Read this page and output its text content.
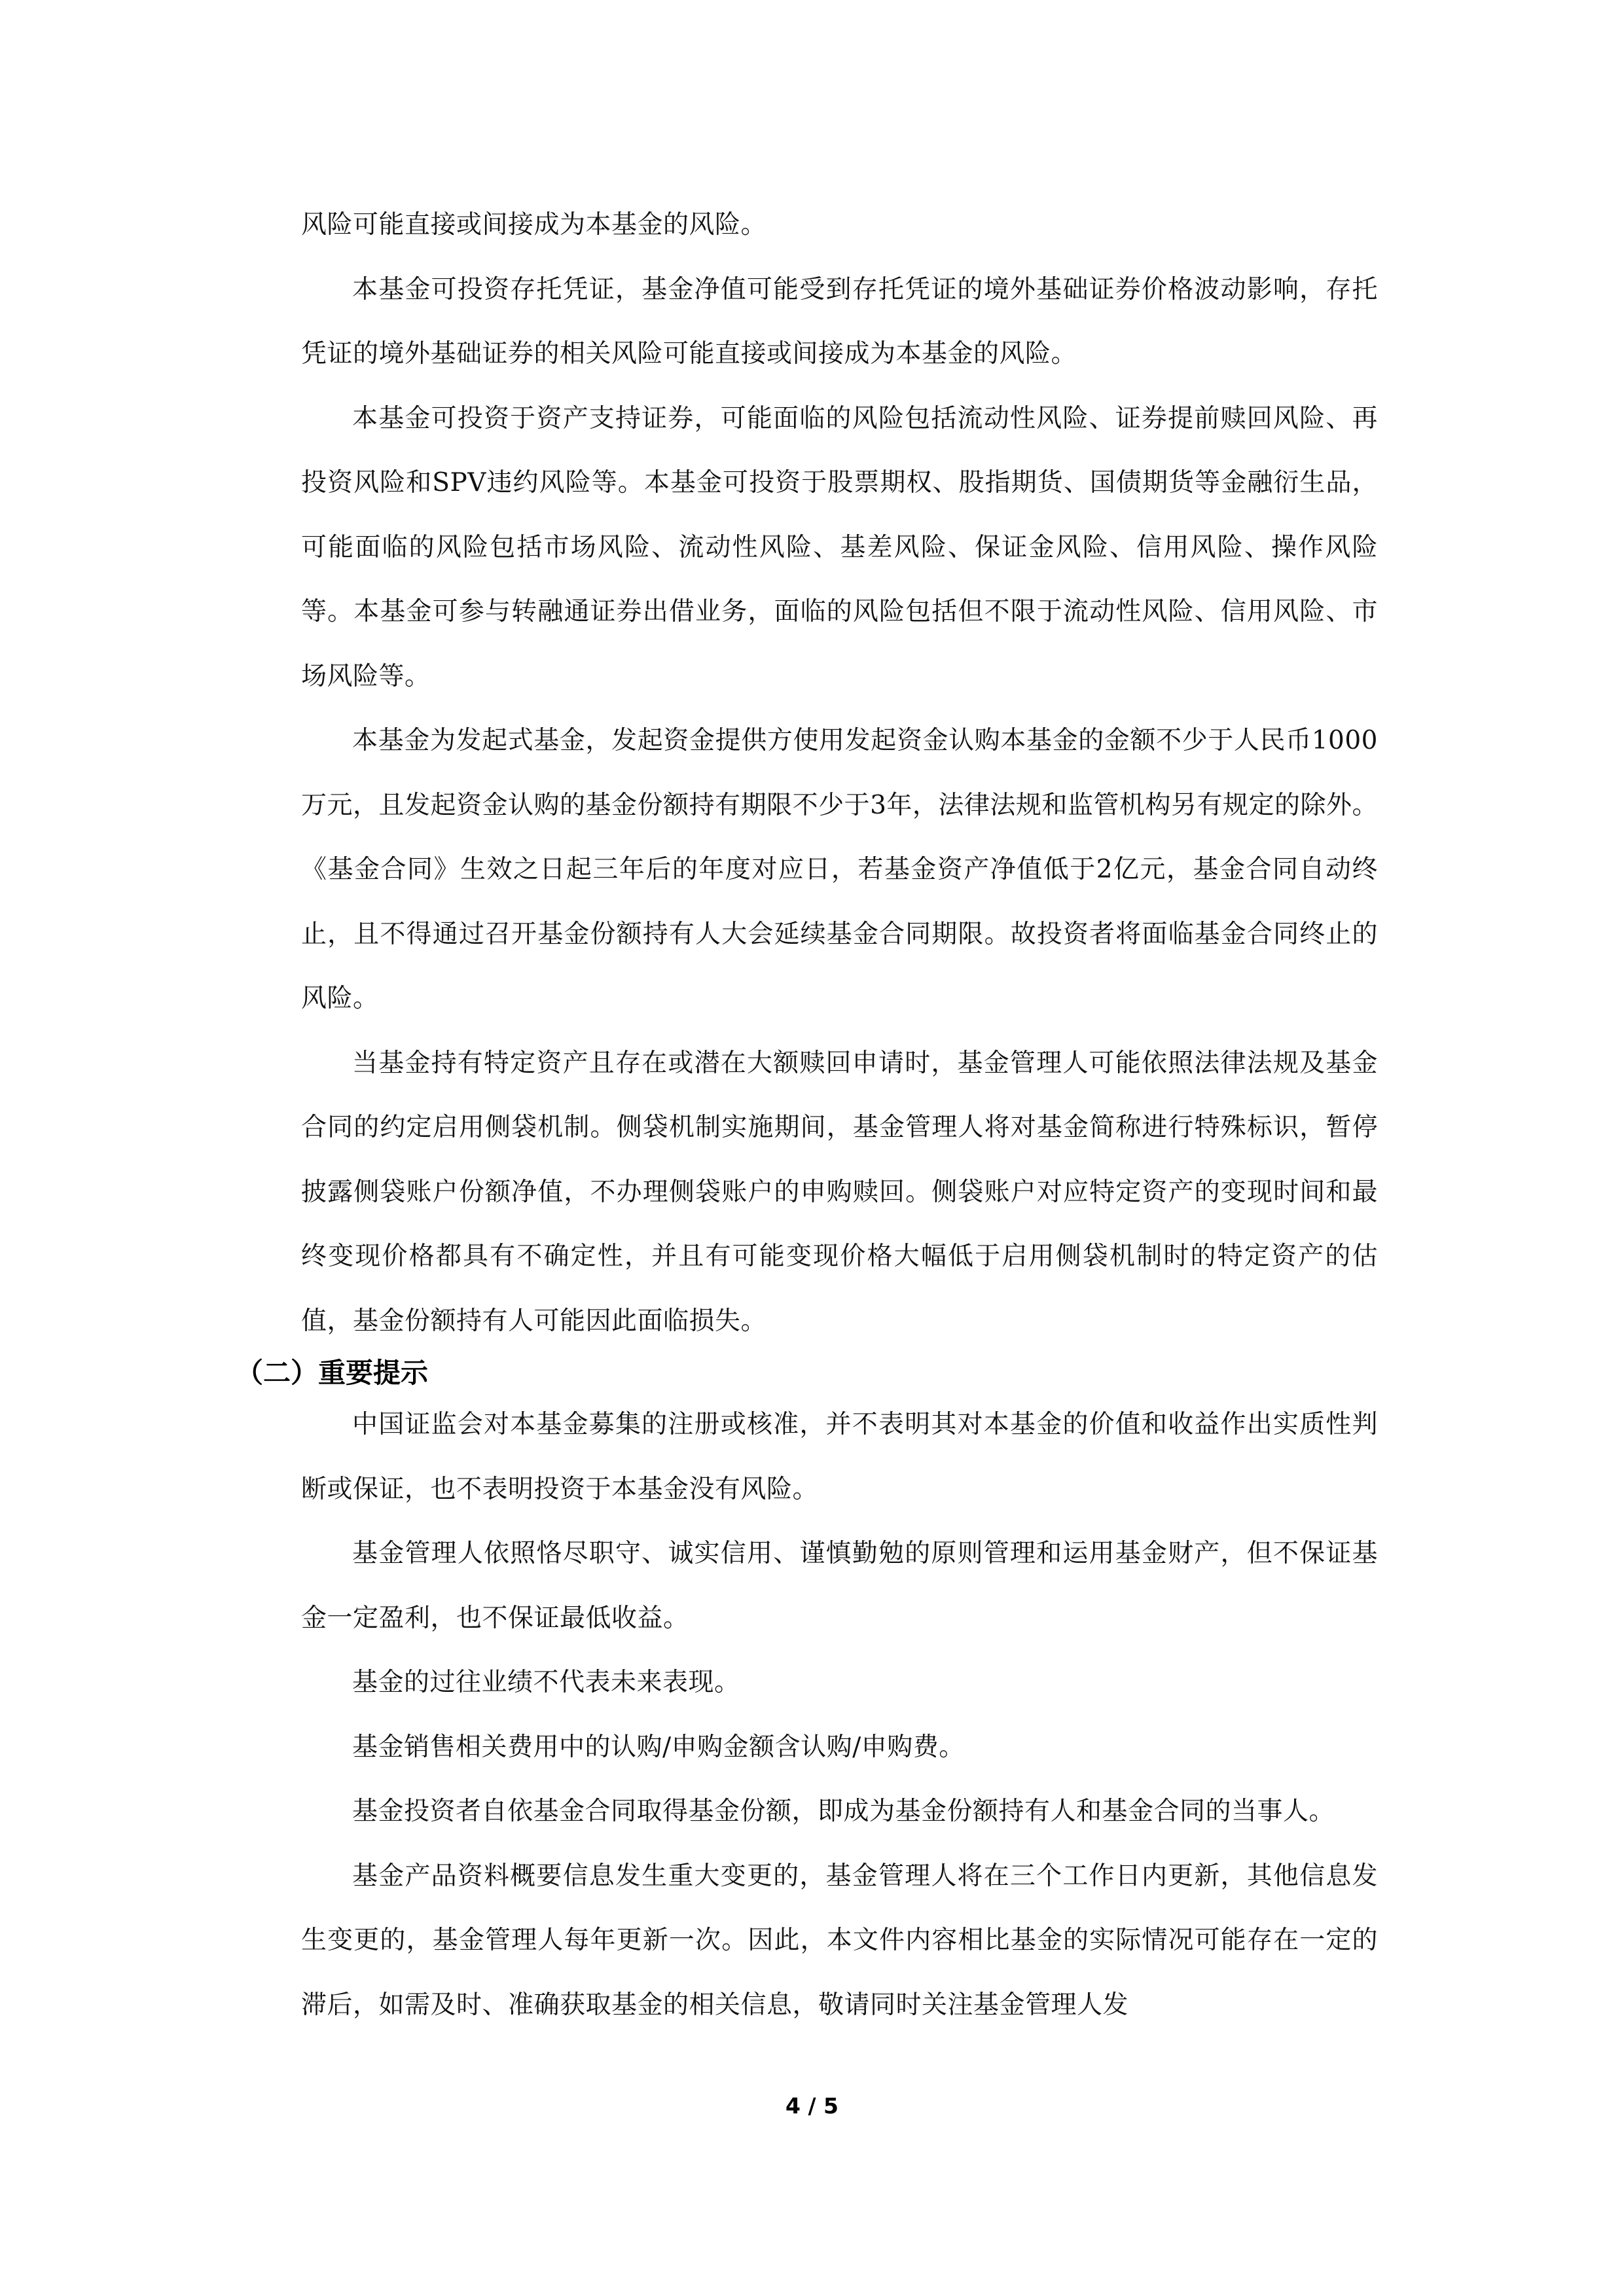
风险可能直接或间接成为本基金的风险。

本基金可投资存托凭证，基金净值可能受到存托凭证的境外基础证券价格波动影响，存托凭证的境外基础证券的相关风险可能直接或间接成为本基金的风险。

本基金可投资于资产支持证券，可能面临的风险包括流动性风险、证券提前赎回风险、再投资风险和SPV违约风险等。本基金可投资于股票期权、股指期货、国债期货等金融衍生品，可能面临的风险包括市场风险、流动性风险、基差风险、保证金风险、信用风险、操作风险等。本基金可参与转融通证券出借业务，面临的风险包括但不限于流动性风险、信用风险、市场风险等。

本基金为发起式基金，发起资金提供方使用发起资金认购本基金的金额不少于人民币1000万元，且发起资金认购的基金份额持有期限不少于3年，法律法规和监管机构另有规定的除外。《基金合同》生效之日起三年后的年度对应日，若基金资产净值低于2亿元，基金合同自动终止，且不得通过召开基金份额持有人大会延续基金合同期限。故投资者将面临基金合同终止的风险。

当基金持有特定资产且存在或潜在大额赎回申请时，基金管理人可能依照法律法规及基金合同的约定启用侧袋机制。侧袋机制实施期间，基金管理人将对基金简称进行特殊标识，暂停披露侧袋账户份额净值，不办理侧袋账户的申购赎回。侧袋账户对应特定资产的变现时间和最终变现价格都具有不确定性，并且有可能变现价格大幅低于启用侧袋机制时的特定资产的估值，基金份额持有人可能因此面临损失。

（二）重要提示

中国证监会对本基金募集的注册或核准，并不表明其对本基金的价值和收益作出实质性判断或保证，也不表明投资于本基金没有风险。

基金管理人依照恪尽职守、诚实信用、谨慎勤勉的原则管理和运用基金财产，但不保证基金一定盈利，也不保证最低收益。

基金的过往业绩不代表未来表现。

基金销售相关费用中的认购/申购金额含认购/申购费。

基金投资者自依基金合同取得基金份额，即成为基金份额持有人和基金合同的当事人。

基金产品资料概要信息发生重大变更的，基金管理人将在三个工作日内更新，其他信息发生变更的，基金管理人每年更新一次。因此，本文件内容相比基金的实际情况可能存在一定的滞后，如需及时、准确获取基金的相关信息，敬请同时关注基金管理人发

4 / 5
